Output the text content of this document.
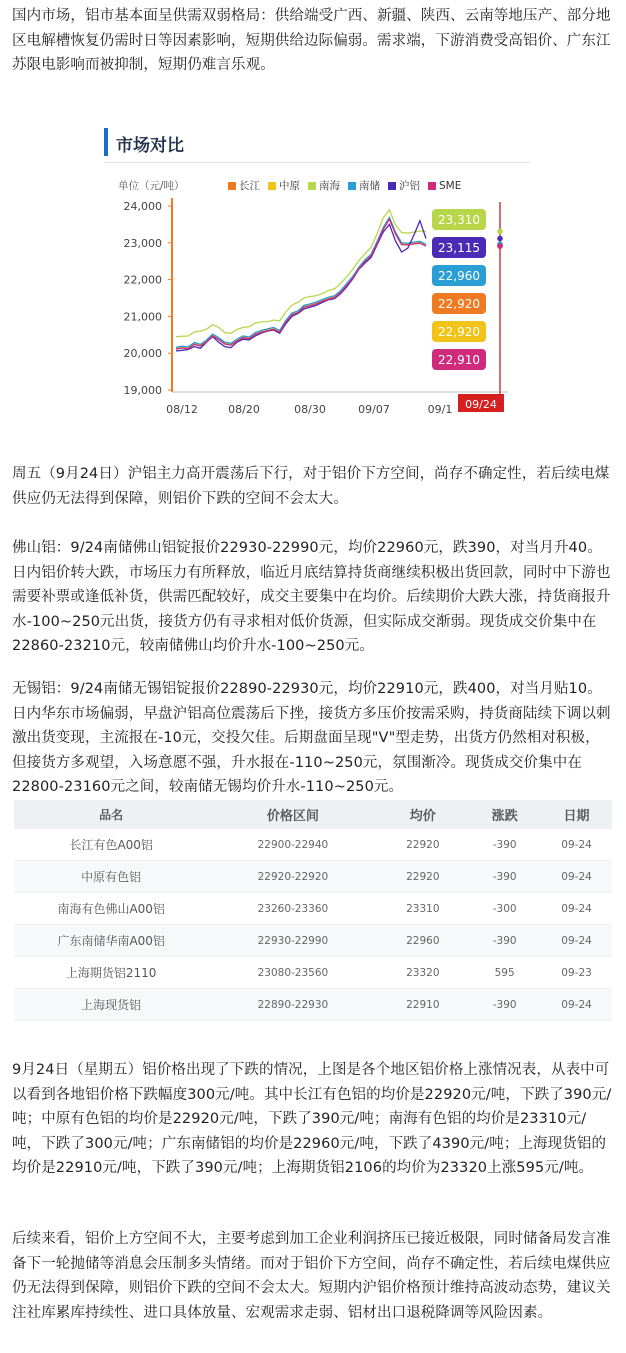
国内市场，铝市基本面呈供需双弱格局：供给端受广西、新疆、陕西、云南等地压产、部分地区电解槽恢复仍需时日等因素影响，短期供给边际偏弱。需求端，下游消费受高铝价、广东江苏限电影响而被抑制，短期仍难言乐观。

市场对比
单位（元/吨）	长江 中原 南海 南储 沪铝 SME
24,000
23,000
22,000
21,000
20,000
19,000
08/12	08/20	08/30	09/07	09/1
23,310
23,115
22,960
22,920
22,920
22,910
09/24

周五（9月24日）沪铝主力高开震荡后下行，对于铝价下方空间，尚存不确定性，若后续电煤供应仍无法得到保障，则铝价下跌的空间不会太大。

佛山铝：9/24南储佛山铝锭报价22930-22990元，均价22960元，跌390，对当月升40。日内铝价转大跌，市场压力有所释放，临近月底结算持货商继续积极出货回款，同时中下游也需要补票或逢低补货，供需匹配较好，成交主要集中在均价。后续期价大跌大涨，持货商报升水-100~250元出货，接货方仍有寻求相对低价货源，但实际成交渐弱。现货成交价集中在22860-23210元，较南储佛山均价升水-100~250元。

无锡铝：9/24南储无锡铝锭报价22890-22930元，均价22910元，跌400，对当月贴10。日内华东市场偏弱，早盘沪铝高位震荡后下挫，接货方多压价按需采购，持货商陆续下调以刺激出货变现，主流报在-10元，交投欠佳。后期盘面呈现"V"型走势，出货方仍然相对积极，但接货方多观望，入场意愿不强，升水报在-110~250元，氛围渐冷。现货成交价集中在22800-23160元之间，较南储无锡均价升水-110~250元。

品名	价格区间	均价	涨跌	日期
长江有色A00铝	22900-22940	22920	-390	09-24
中原有色铝	22920-22920	22920	-390	09-24
南海有色佛山A00铝	23260-23360	23310	-300	09-24
广东南储华南A00铝	22930-22990	22960	-390	09-24
上海期货铝2110	23080-23560	23320	595	09-23
上海现货铝	22890-22930	22910	-390	09-24

9月24日（星期五）铝价格出现了下跌的情况，上图是各个地区铝价格上涨情况表，从表中可以看到各地铝价格下跌幅度300元/吨。其中长江有色铝的均价是22920元/吨，下跌了390元/吨；中原有色铝的均价是22920元/吨，下跌了390元/吨；南海有色铝的均价是23310元/吨，下跌了300元/吨；广东南储铝的均价是22960元/吨，下跌了4390元/吨；上海现货铝的均价是22910元/吨，下跌了390元/吨；上海期货铝2106的均价为23320上涨595元/吨。

后续来看，铝价上方空间不大，主要考虑到加工企业利润挤压已接近极限，同时储备局发言准备下一轮抛储等消息会压制多头情绪。而对于铝价下方空间，尚存不确定性，若后续电煤供应仍无法得到保障，则铝价下跌的空间不会太大。短期内沪铝价格预计维持高波动态势，建议关注社库累库持续性、进口具体放量、宏观需求走弱、铝材出口退税降调等风险因素。
